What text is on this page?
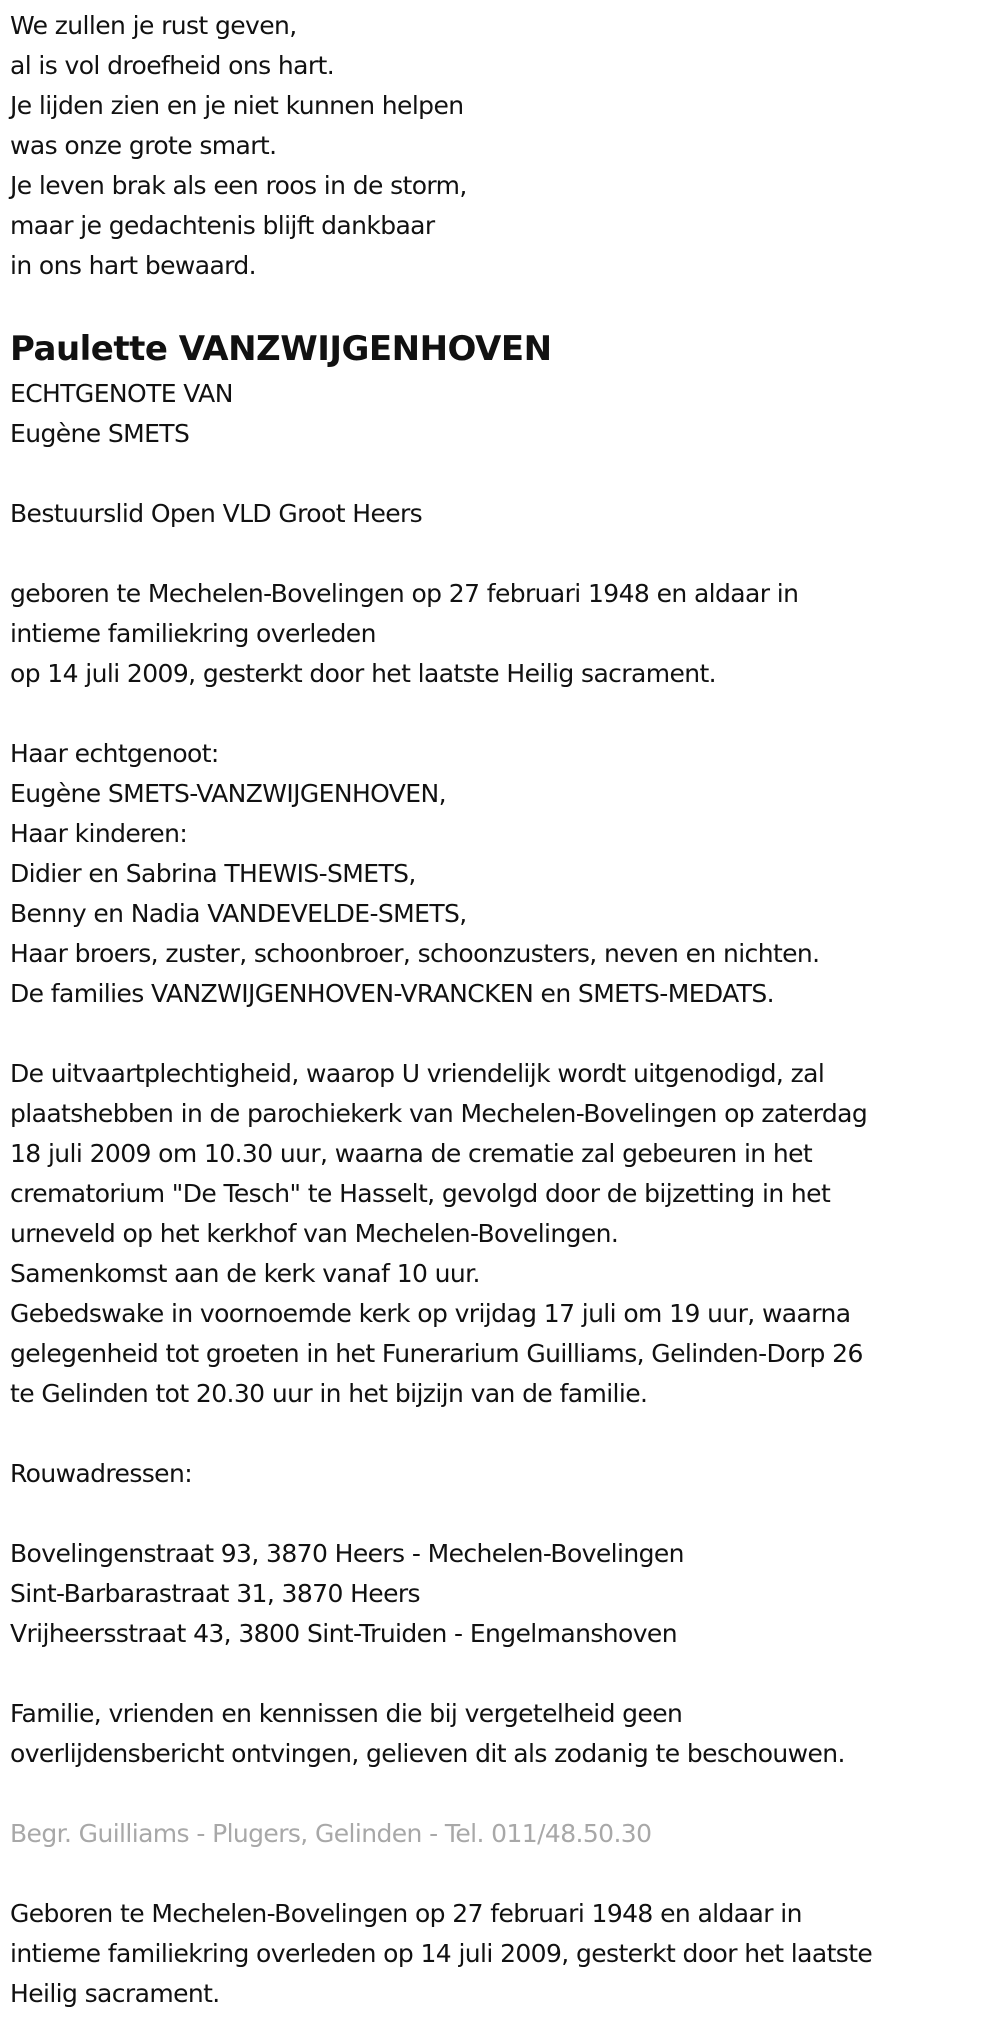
We zullen je rust geven,
al is vol droefheid ons hart.
Je lijden zien en je niet kunnen helpen
was onze grote smart.
Je leven brak als een roos in de storm,
maar je gedachtenis blijft dankbaar
in ons hart bewaard.
Paulette VANZWIJGENHOVEN
ECHTGENOTE VAN
Eugène SMETS
Bestuurslid Open VLD Groot Heers
geboren te Mechelen-Bovelingen op 27 februari 1948 en aldaar in
intieme familiekring overleden
op 14 juli 2009, gesterkt door het laatste Heilig sacrament.
Haar echtgenoot:
Eugène SMETS-VANZWIJGENHOVEN,
Haar kinderen:
Didier en Sabrina THEWIS-SMETS,
Benny en Nadia VANDEVELDE-SMETS,
Haar broers, zuster, schoonbroer, schoonzusters, neven en nichten.
De families VANZWIJGENHOVEN-VRANCKEN en SMETS-MEDATS.
De uitvaartplechtigheid, waarop U vriendelijk wordt uitgenodigd, zal
plaatshebben in de parochiekerk van Mechelen-Bovelingen op zaterdag
18 juli 2009 om 10.30 uur, waarna de crematie zal gebeuren in het
crematorium "De Tesch" te Hasselt, gevolgd door de bijzetting in het
urneveld op het kerkhof van Mechelen-Bovelingen.
Samenkomst aan de kerk vanaf 10 uur.
Gebedswake in voornoemde kerk op vrijdag 17 juli om 19 uur, waarna
gelegenheid tot groeten in het Funerarium Guilliams, Gelinden-Dorp 26
te Gelinden tot 20.30 uur in het bijzijn van de familie.
Rouwadressen:
Bovelingenstraat 93, 3870 Heers - Mechelen-Bovelingen
Sint-Barbarastraat 31, 3870 Heers
Vrijheersstraat 43, 3800 Sint-Truiden - Engelmanshoven
Familie, vrienden en kennissen die bij vergetelheid geen
overlijdensbericht ontvingen, gelieven dit als zodanig te beschouwen.
Begr. Guilliams - Plugers, Gelinden - Tel. 011/48.50.30
Geboren te Mechelen-Bovelingen op 27 februari 1948 en aldaar in
intieme familiekring overleden op 14 juli 2009, gesterkt door het laatste
Heilig sacrament.
